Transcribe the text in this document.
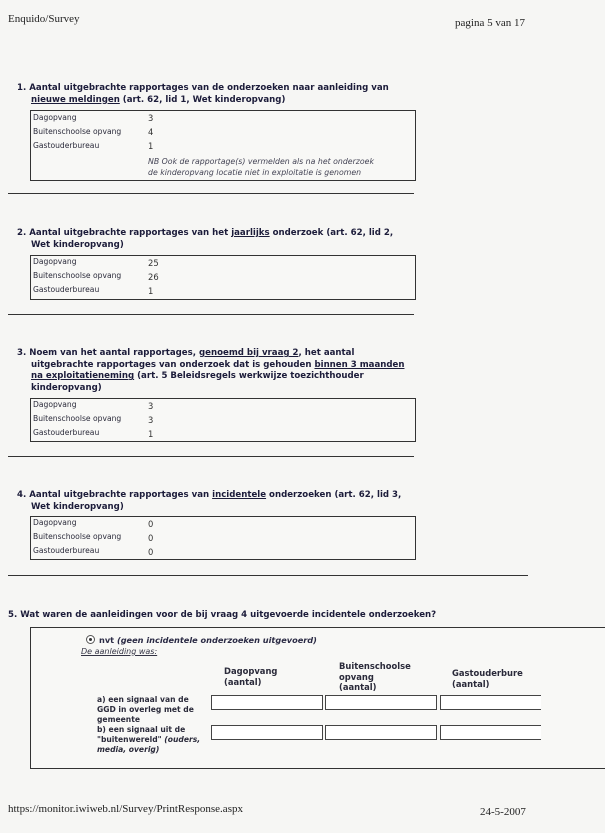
Enquido/Survey	pagina 5 van 17
1. Aantal uitgebrachte rapportages van de onderzoeken naar aanleiding van
nieuwe meldingen (art. 62, lid 1, Wet kinderopvang)
Dagopvang
Buitenschoolse opvang
Gastouderbureau
3
4
1
NB Ook de rapportage(s) vermelden als na het onderzoek
de kinderopvang locatie niet in exploitatie is genomen
2. Aantal uitgebrachte rapportages van het jaarlijks onderzoek (art. 62, lid 2,
Wet kinderopvang)
Dagopvang
Buitenschoolse opvang
Gastouderbureau
25
26
1
3. Noem van het aantal rapportages, genoemd bij vraag 2, het aantal
uitgebrachte rapportages van onderzoek dat is gehouden binnen 3 maanden
na exploitatieneming (art. 5 Beleidsregels werkwijze toezichthouder
kinderopvang)
Dagopvang
Buitenschoolse opvang
Gastouderbureau
3
3
1
4. Aantal uitgebrachte rapportages van incidentele onderzoeken (art. 62, lid 3,
Wet kinderopvang)
Dagopvang
Buitenschoolse opvang
Gastouderbureau
0
0
0
5. Wat waren de aanleidingen voor de bij vraag 4 uitgevoerde incidentele onderzoeken?
nvt (geen incidentele onderzoeken uitgevoerd)
De aanleiding was:
Dagopvang
(aantal)
Buitenschoolse
opvang
(aantal)
Gastouderbure
(aantal)
a) een signaal van de
GGD in overleg met de
gemeente
b) een signaal uit de
"buitenwereld" (ouders,
media, overig)
https://monitor.iwiweb.nl/Survey/PrintResponse.aspx	24-5-2007
